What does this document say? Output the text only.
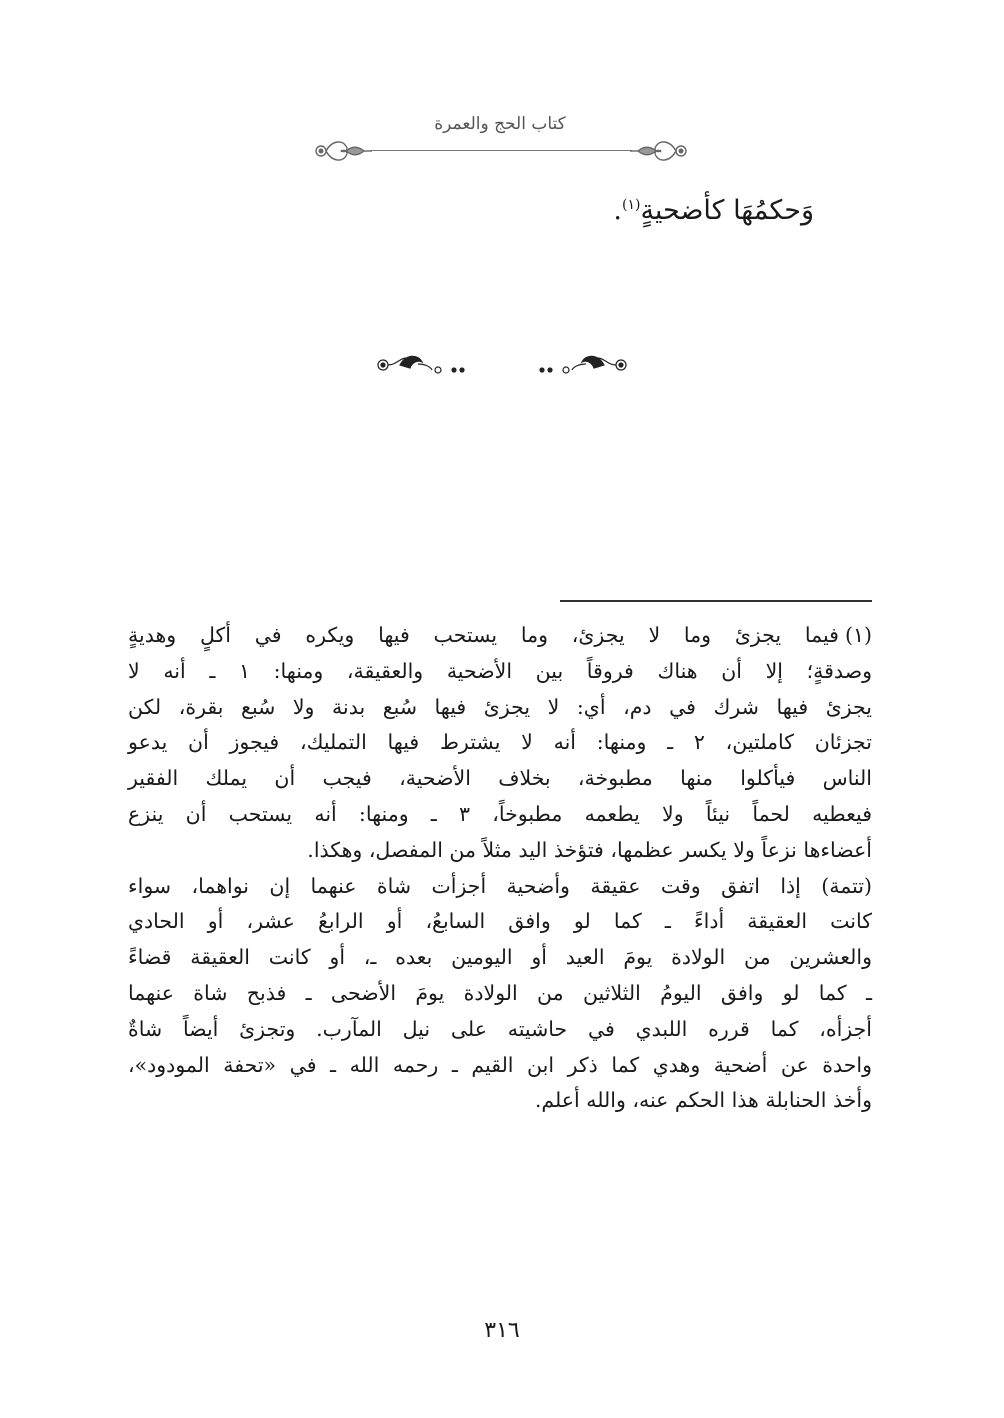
كتاب الحج والعمرة
وَحكمُهَا كأضحيةٍ$^{(١)}$.
(١)فيما يجزئ وما لا يجزئ، وما يستحب فيها ويكره في أكلٍ وهديةٍ
وصدقةٍ؛ إلا أن هناك فروقاً بين الأضحية والعقيقة، ومنها: ١ ـ أنه لا
يجزئ فيها شرك في دم، أي: لا يجزئ فيها سُبع بدنة ولا سُبع بقرة، لكن
تجزئان كاملتين، ٢ ـ ومنها: أنه لا يشترط فيها التمليك، فيجوز أن يدعو
الناس فيأكلوا منها مطبوخة، بخلاف الأضحية، فيجب أن يملك الفقير
فيعطيه لحماً نيئاً ولا يطعمه مطبوخاً، ٣ ـ ومنها: أنه يستحب أن ينزع
أعضاءها نزعاً ولا يكسر عظمها، فتؤخذ اليد مثلاً من المفصل، وهكذا.
(تتمة) إذا اتفق وقت عقيقة وأضحية أجزأت شاة عنهما إن نواهما، سواء
كانت العقيقة أداءً ـ كما لو وافق السابعُ، أو الرابعُ عشر، أو الحادي
والعشرين من الولادة يومَ العيد أو اليومين بعده ـ، أو كانت العقيقة قضاءً
ـ كما لو وافق اليومُ الثلاثين من الولادة يومَ الأضحى ـ فذبح شاة عنهما
أجزأه، كما قرره اللبدي في حاشيته على نيل المآرب. وتجزئ أيضاً شاةٌ
واحدة عن أضحية وهدي كما ذكر ابن القيم ـ رحمه الله ـ في «تحفة المودود»،
وأخذ الحنابلة هذا الحكم عنه، والله أعلم.
٣١٦
